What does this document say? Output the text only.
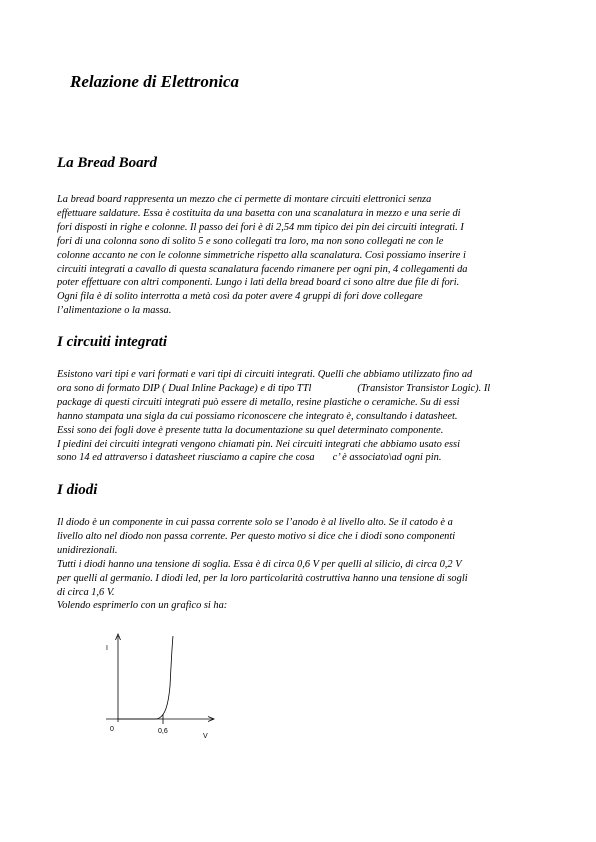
Relazione di Elettronica
La Bread Board

La bread board rappresenta un mezzo che ci permette di montare circuiti elettronici senza
effettuare saldature. Essa è costituita da una basetta con una scanalatura in mezzo e una serie di
fori disposti in righe e colonne. Il passo dei fori è di 2,54 mm tipico dei pin dei circuiti integrati. I
fori di una colonna sono di solito 5 e sono collegati tra loro, ma non sono collegati ne con le
colonne accanto ne con le colonne simmetriche rispetto alla scanalatura. Così possiamo inserire i
circuiti integrati a cavallo di questa scanalatura facendo rimanere per ogni pin, 4 collegamenti da
poter effettuare con altri componenti. Lungo i lati della bread board ci sono altre due file di fori.
Ogni fila è di solito interrotta a metà così da poter avere 4 gruppi di fori dove collegare
l’alimentazione o la massa.

I circuiti integrati

Esistono vari tipi e vari formati e vari tipi di circuiti integrati. Quelli che abbiamo utilizzato fino ad
ora sono di formato DIP ( Dual Inline Package) e di tipo TTl	(Transistor Transistor Logic). Il
package di questi circuiti integrati può essere di metallo, resine plastiche o ceramiche. Su di essi
hanno stampata una sigla da cui possiamo riconoscere che integrato è, consultando i datasheet.
Essi sono dei fogli dove è presente tutta la documentazione su quel determinato componente.
I piedini dei circuiti integrati vengono chiamati pin. Nei circuiti integrati che abbiamo usato essi
sono 14 ed attraverso i datasheet riusciamo a capire che cosa c’ è associato\ad ogni pin.

I diodi

Il diodo è un componente in cui passa corrente solo se l’anodo è al livello alto. Se il catodo è a
livello alto nel diodo non passa corrente. Per questo motivo si dice che i diodi sono componenti
unidirezionali.
Tutti i diodi hanno una tensione di soglia. Essa è di circa 0,6 V per quelli al silicio, di circa 0,2 V
per quelli al germanio. I diodi led, per la loro particolarità costruttiva hanno una tensione di sogli
di circa 1,6 V.
Volendo esprimerlo con un grafico si ha:

I
0	0,6
V
